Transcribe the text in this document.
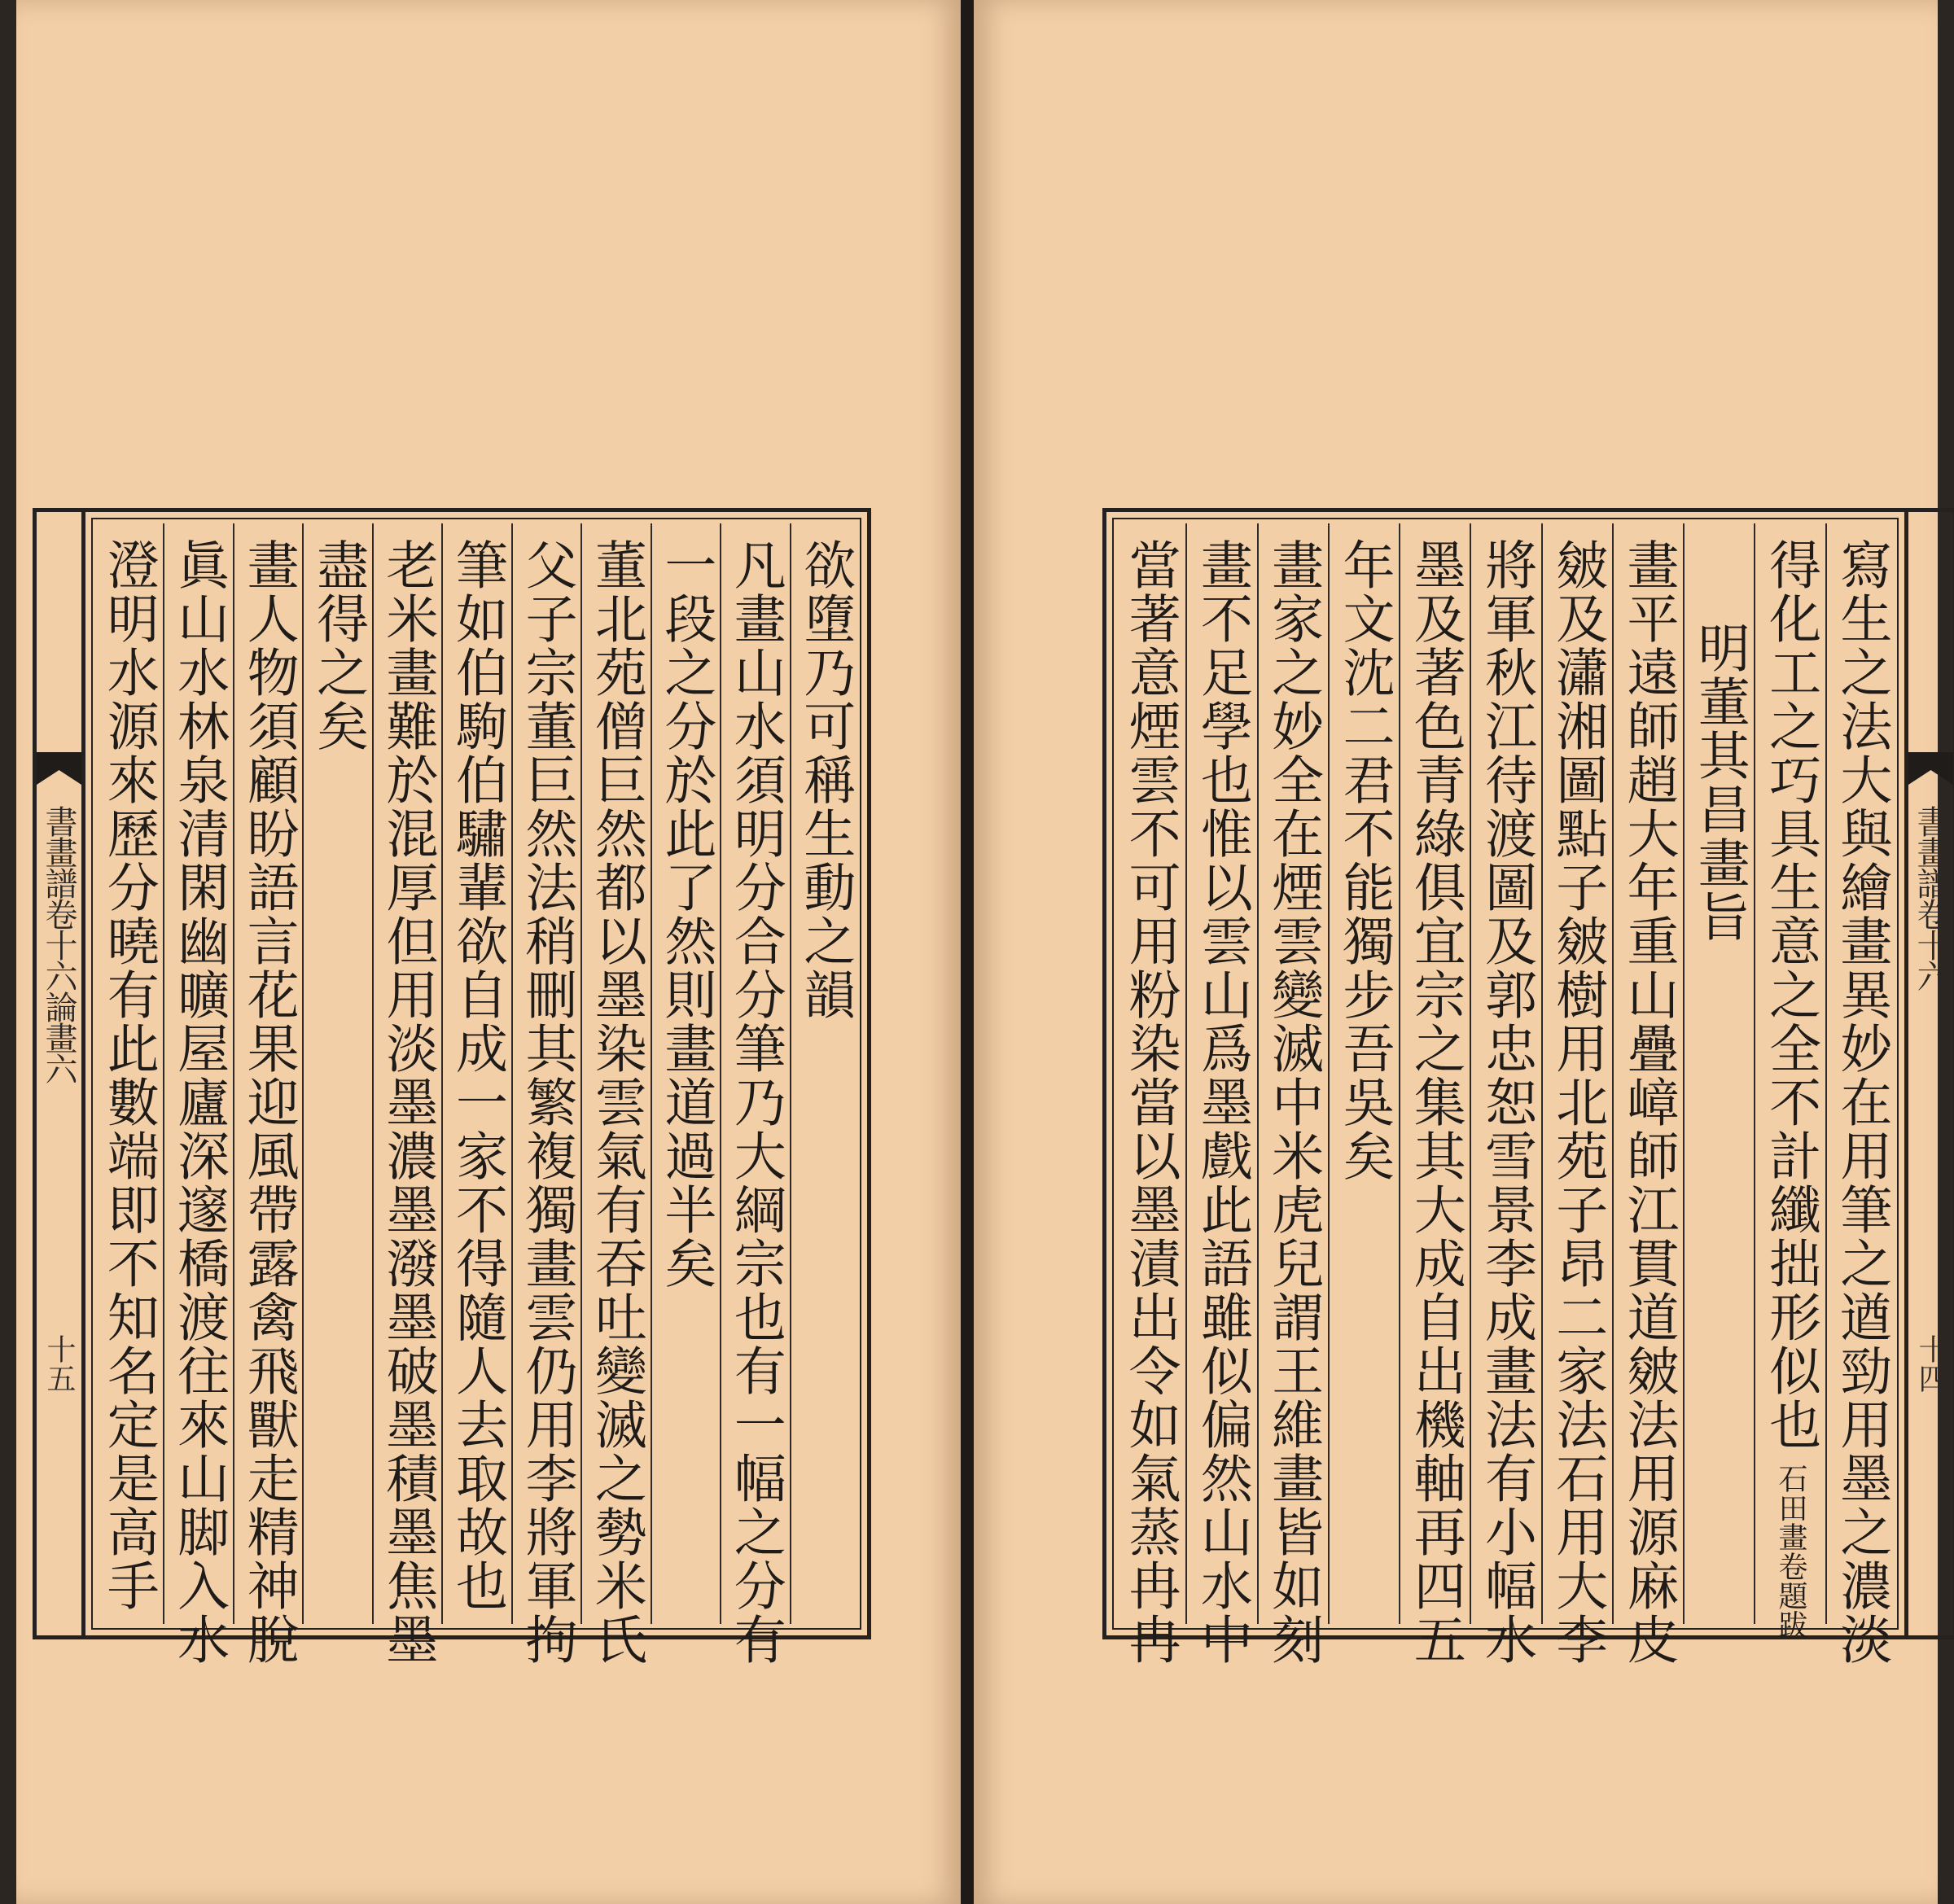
書畫譜卷十六論畫六
十五
欲墮乃可稱生動之韻
凡畫山水須明分合分筆乃大綱宗也有一幅之分有
一段之分於此了然則畫道過半矣
董北苑僧巨然都以墨染雲氣有吞吐變滅之勢米氏
父子宗董巨然法稍刪其繁複獨畫雲仍用李將軍拘
筆如伯駒伯驌輩欲自成一家不得隨人去取故也
老米畫難於混厚但用淡墨濃墨潑墨破墨積墨焦墨
盡得之矣
畫人物須顧盼語言花果迎風帶露禽飛獸走精神脫
眞山水林泉清閑幽曠屋廬深邃橋渡往來山脚入水
澄明水源來歷分曉有此數端即不知名定是高手	寫生之法大與繪畫異妙在用筆之遒勁用墨之濃淡
得化工之巧具生意之全不計纖拙形似也
石田畫卷題跋
明董其昌畫旨
畫平遠師趙大年重山疊嶂師江貫道皴法用源麻皮
皴及瀟湘圖點子皴樹用北苑子昂二家法石用大李
將軍秋江待渡圖及郭忠恕雪景李成畫法有小幅水
墨及著色青綠俱宜宗之集其大成自出機軸再四五
年文沈二君不能獨步吾吳矣
畫家之妙全在煙雲變滅中米虎兒謂王維畫皆如刻
畫不足學也惟以雲山爲墨戲此語雖似偏然山水中
當著意煙雲不可用粉染當以墨漬出令如氣蒸冉冉	書畫譜卷十六
十四
